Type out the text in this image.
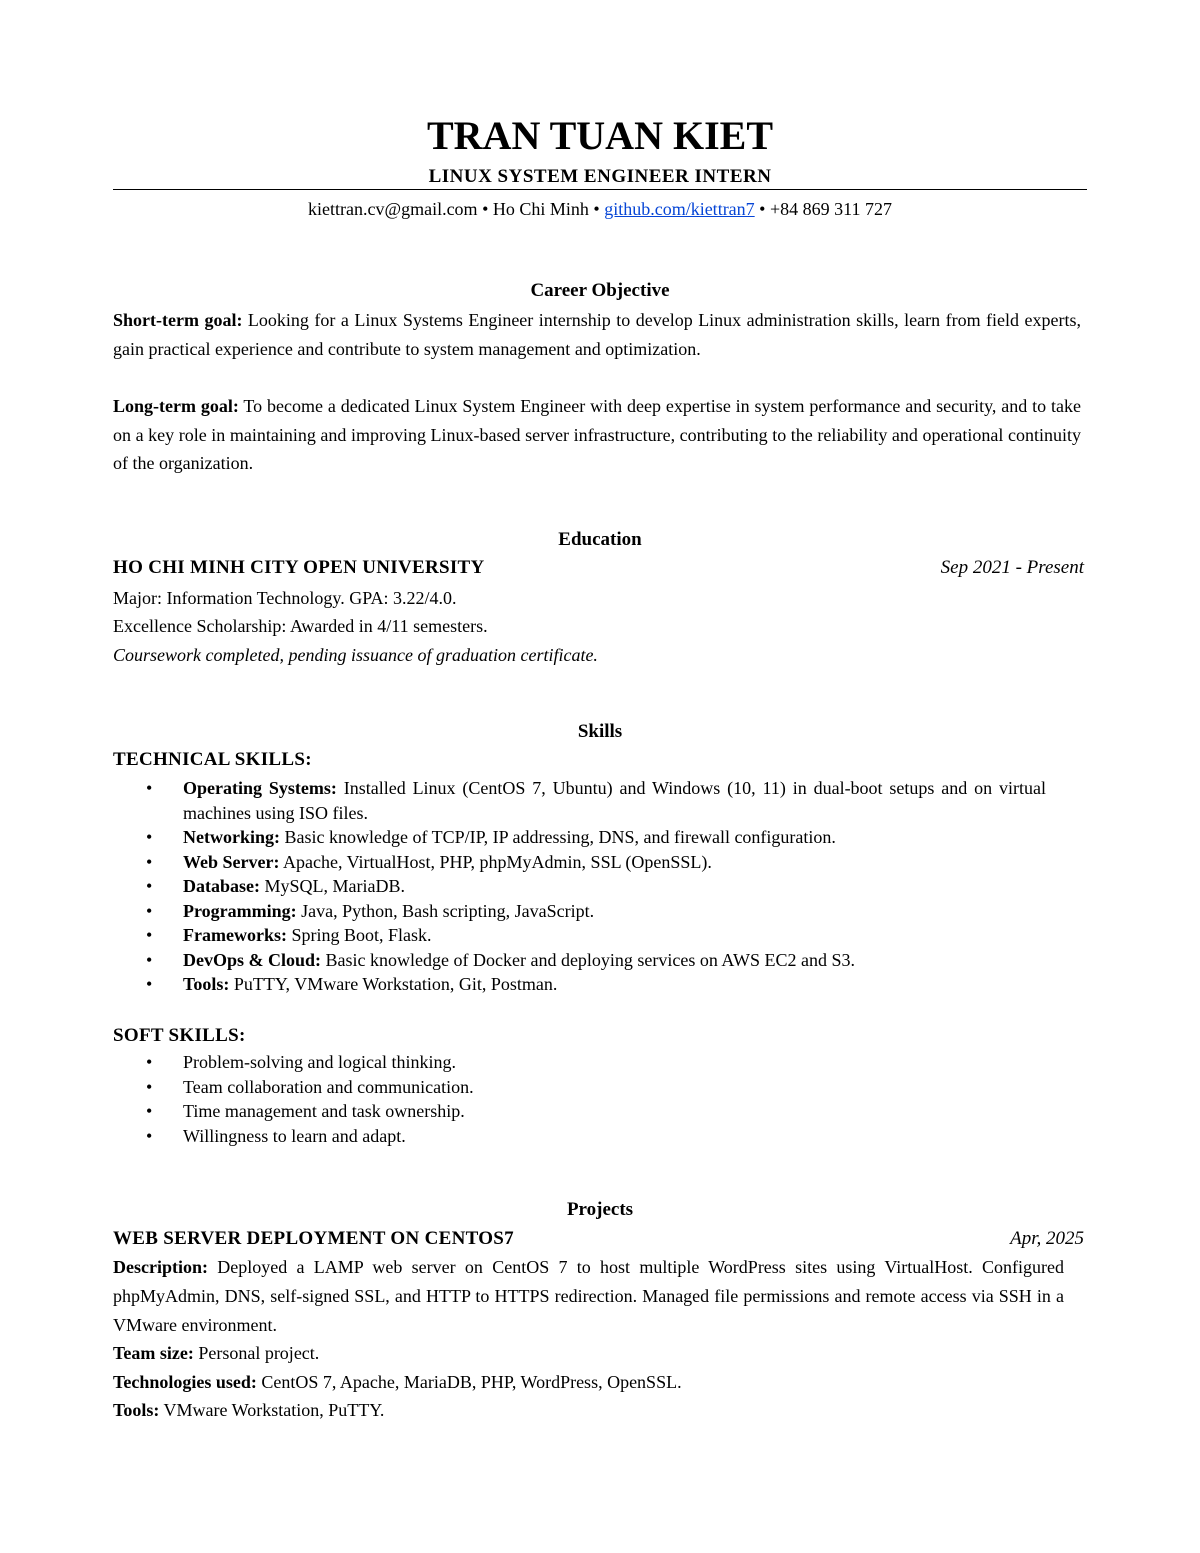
TRAN TUAN KIET
LINUX SYSTEM ENGINEER INTERN
kiettran.cv@gmail.com • Ho Chi Minh • github.com/kiettran7 • +84 869 311 727
Career Objective
Short-term goal: Looking for a Linux Systems Engineer internship to develop Linux administration skills, learn from field experts, gain practical experience and contribute to system management and optimization.
Long-term goal: To become a dedicated Linux System Engineer with deep expertise in system performance and security, and to take on a key role in maintaining and improving Linux-based server infrastructure, contributing to the reliability and operational continuity of the organization.
Education
HO CHI MINH CITY OPEN UNIVERSITY	Sep 2021 - Present
Major: Information Technology. GPA: 3.22/4.0.
Excellence Scholarship: Awarded in 4/11 semesters.
Coursework completed, pending issuance of graduation certificate.
Skills
TECHNICAL SKILLS:
• Operating Systems: Installed Linux (CentOS 7, Ubuntu) and Windows (10, 11) in dual-boot setups and on virtual machines using ISO files.
• Networking: Basic knowledge of TCP/IP, IP addressing, DNS, and firewall configuration.
• Web Server: Apache, VirtualHost, PHP, phpMyAdmin, SSL (OpenSSL).
• Database: MySQL, MariaDB.
• Programming: Java, Python, Bash scripting, JavaScript.
• Frameworks: Spring Boot, Flask.
• DevOps & Cloud: Basic knowledge of Docker and deploying services on AWS EC2 and S3.
• Tools: PuTTY, VMware Workstation, Git, Postman.
SOFT SKILLS:
• Problem-solving and logical thinking.
• Team collaboration and communication.
• Time management and task ownership.
• Willingness to learn and adapt.
Projects
WEB SERVER DEPLOYMENT ON CENTOS7	Apr, 2025
Description: Deployed a LAMP web server on CentOS 7 to host multiple WordPress sites using VirtualHost. Configured phpMyAdmin, DNS, self-signed SSL, and HTTP to HTTPS redirection. Managed file permissions and remote access via SSH in a VMware environment.
Team size: Personal project.
Technologies used: CentOS 7, Apache, MariaDB, PHP, WordPress, OpenSSL.
Tools: VMware Workstation, PuTTY.
